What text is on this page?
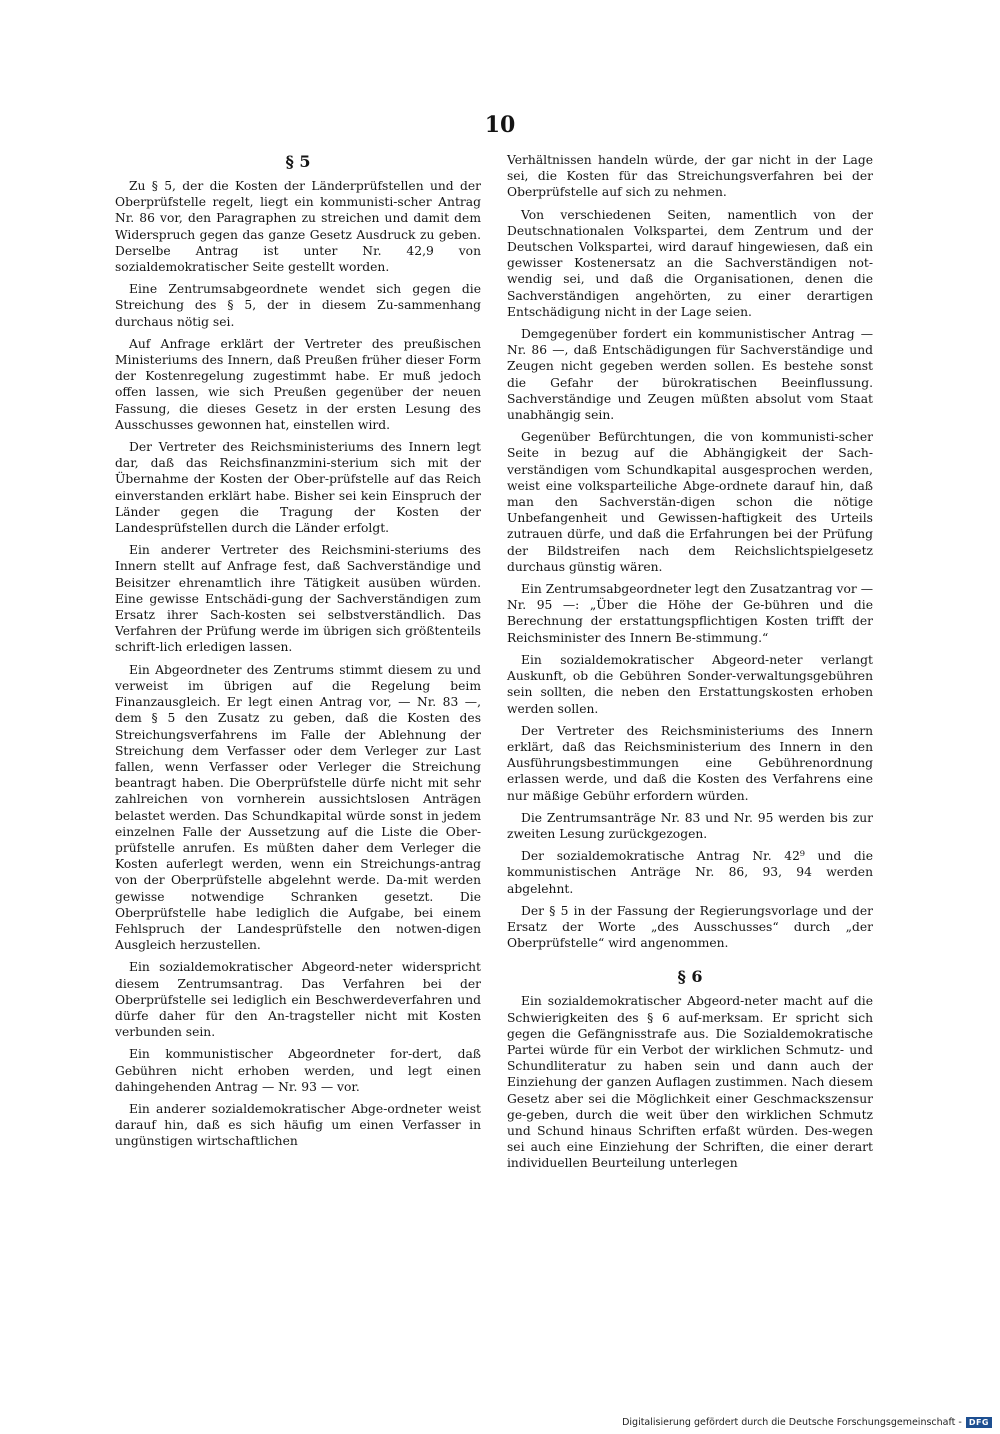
10
§ 5

Zu § 5, der die Kosten der Länderprüfstellen und der Oberprüfstelle regelt, liegt ein kommunisti-scher Antrag Nr. 86 vor, den Paragraphen zu streichen und damit dem Widerspruch gegen das ganze Gesetz Ausdruck zu geben. Derselbe Antrag ist unter Nr. 42,9 von sozialdemokratischer Seite gestellt worden.

Eine Zentrumsabgeordnete wendet sich gegen die Streichung des § 5, der in diesem Zu-sammenhang durchaus nötig sei.

Auf Anfrage erklärt der Vertreter des preußischen Ministeriums des Innern, daß Preußen früher dieser Form der Kostenregelung zugestimmt habe. Er muß jedoch offen lassen, wie sich Preußen gegenüber der neuen Fassung, die dieses Gesetz in der ersten Lesung des Ausschusses gewonnen hat, einstellen wird.

Der Vertreter des Reichsministeriums des Innern legt dar, daß das Reichsfinanzmini-sterium sich mit der Übernahme der Kosten der Ober-prüfstelle auf das Reich einverstanden erklärt habe. Bisher sei kein Einspruch der Länder gegen die Tragung der Kosten der Landesprüfstellen durch die Länder erfolgt.

Ein anderer Vertreter des Reichsmini-steriums des Innern stellt auf Anfrage fest, daß Sachverständige und Beisitzer ehrenamtlich ihre Tätigkeit ausüben würden. Eine gewisse Entschädi-gung der Sachverständigen zum Ersatz ihrer Sach-kosten sei selbstverständlich. Das Verfahren der Prüfung werde im übrigen sich größtenteils schrift-lich erledigen lassen.

Ein Abgeordneter des Zentrums stimmt diesem zu und verweist im übrigen auf die Regelung beim Finanzausgleich. Er legt einen Antrag vor, — Nr. 83 —, dem § 5 den Zusatz zu geben, daß die Kosten des Streichungsverfahrens im Falle der Ablehnung der Streichung dem Verfasser oder dem Verleger zur Last fallen, wenn Verfasser oder Verleger die Streichung beantragt haben. Die Oberprüfstelle dürfe nicht mit sehr zahlreichen von vornherein aussichtslosen Anträgen belastet werden. Das Schundkapital würde sonst in jedem einzelnen Falle der Aussetzung auf die Liste die Ober-prüfstelle anrufen. Es müßten daher dem Verleger die Kosten auferlegt werden, wenn ein Streichungs-antrag von der Oberprüfstelle abgelehnt werde. Da-mit werden gewisse notwendige Schranken gesetzt. Die Oberprüfstelle habe lediglich die Aufgabe, bei einem Fehlspruch der Landesprüfstelle den notwen-digen Ausgleich herzustellen.

Ein sozialdemokratischer Abgeord-neter widerspricht diesem Zentrumsantrag. Das Verfahren bei der Oberprüfstelle sei lediglich ein Beschwerdeverfahren und dürfe daher für den An-tragsteller nicht mit Kosten verbunden sein.

Ein kommunistischer Abgeordneter for-dert, daß Gebühren nicht erhoben werden, und legt einen dahingehenden Antrag — Nr. 93 — vor.

Ein anderer sozialdemokratischer Abge-ordneter weist darauf hin, daß es sich häufig um einen Verfasser in ungünstigen wirtschaftlichen

Verhältnissen handeln würde, der gar nicht in der Lage sei, die Kosten für das Streichungsverfahren bei der Oberprüfstelle auf sich zu nehmen.

Von verschiedenen Seiten, namentlich von der Deutschnationalen Volkspartei, dem Zentrum und der Deutschen Volkspartei, wird darauf hingewiesen, daß ein gewisser Kostenersatz an die Sachverständigen not-wendig sei, und daß die Organisationen, denen die Sachverständigen angehörten, zu einer derartigen Entschädigung nicht in der Lage seien.

Demgegenüber fordert ein kommunistischer Antrag — Nr. 86 —, daß Entschädigungen für Sachverständige und Zeugen nicht gegeben werden sollen. Es bestehe sonst die Gefahr der bürokratischen Beeinflussung. Sachverständige und Zeugen müßten absolut vom Staat unabhängig sein.

Gegenüber Befürchtungen, die von kommunisti-scher Seite in bezug auf die Abhängigkeit der Sach-verständigen vom Schundkapital ausgesprochen werden, weist eine volksparteiliche Abge-ordnete darauf hin, daß man den Sachverstän-digen schon die nötige Unbefangenheit und Gewissen-haftigkeit des Urteils zutrauen dürfe, und daß die Erfahrungen bei der Prüfung der Bildstreifen nach dem Reichslichtspielgesetz durchaus günstig wären.

Ein Zentrumsabgeordneter legt den Zusatzantrag vor — Nr. 95 —: „Über die Höhe der Ge-bühren und die Berechnung der erstattungspflichtigen Kosten trifft der Reichsminister des Innern Be-stimmung.“

Ein sozialdemokratischer Abgeord-neter verlangt Auskunft, ob die Gebühren Sonder-verwaltungsgebühren sein sollten, die neben den Erstattungskosten erhoben werden sollen.

Der Vertreter des Reichsministeriums des Innern erklärt, daß das Reichsministerium des Innern in den Ausführungsbestimmungen eine Gebührenordnung erlassen werde, und daß die Kosten des Verfahrens eine nur mäßige Gebühr erfordern würden.

Die Zentrumsanträge Nr. 83 und Nr. 95 werden bis zur zweiten Lesung zurückgezogen.

Der sozialdemokratische Antrag Nr. 42⁹ und die kommunistischen Anträge Nr. 86, 93, 94 werden abgelehnt.

Der § 5 in der Fassung der Regierungsvorlage und der Ersatz der Worte „des Ausschusses“ durch „der Oberprüfstelle“ wird angenommen.

§ 6

Ein sozialdemokratischer Abgeord-neter macht auf die Schwierigkeiten des § 6 auf-merksam. Er spricht sich gegen die Gefängnisstrafe aus. Die Sozialdemokratische Partei würde für ein Verbot der wirklichen Schmutz- und Schundliteratur zu haben sein und dann auch der Einziehung der ganzen Auflagen zustimmen. Nach diesem Gesetz aber sei die Möglichkeit einer Geschmackszensur ge-geben, durch die weit über den wirklichen Schmutz und Schund hinaus Schriften erfaßt würden. Des-wegen sei auch eine Einziehung der Schriften, die einer derart individuellen Beurteilung unterlegen

Digitalisierung gefördert durch die Deutsche Forschungsgemeinschaft - DFG
